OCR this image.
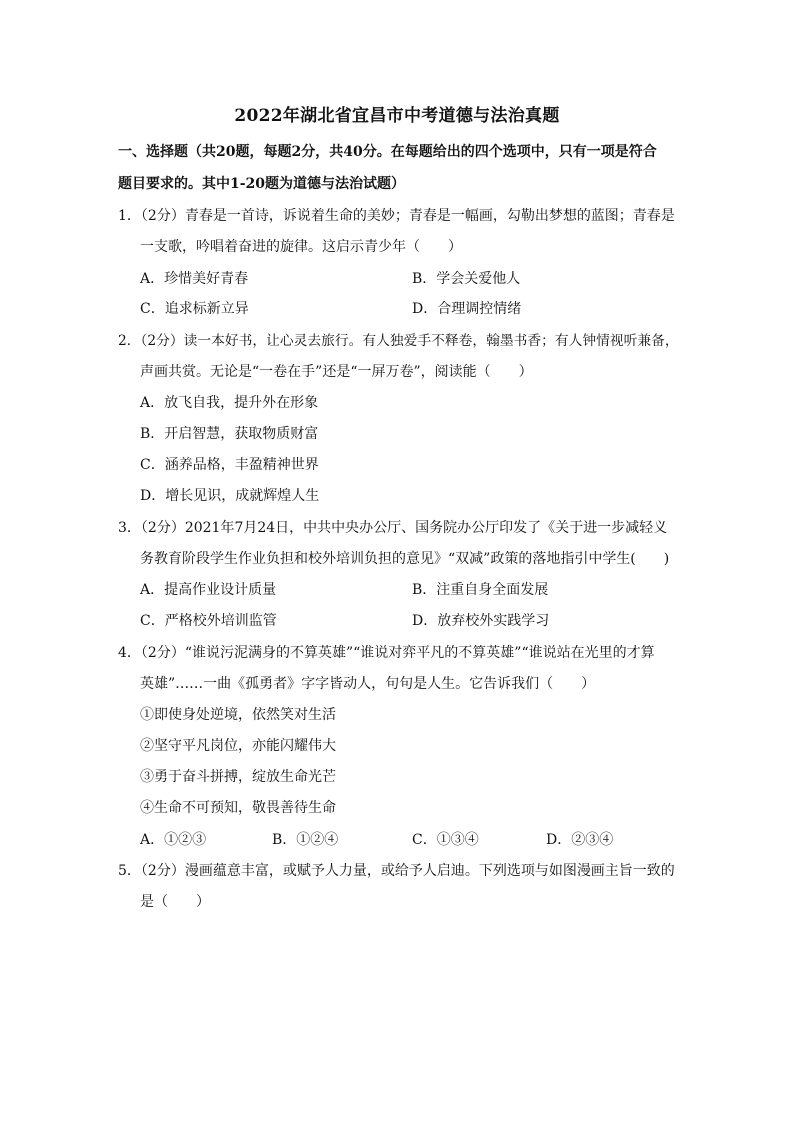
2022年湖北省宜昌市中考道德与法治真题
一、选择题（共20题，每题2分，共40分。在每题给出的四个选项中，只有一项是符合
题目要求的。其中1-20题为道德与法治试题）
1．（2分）青春是一首诗，诉说着生命的美妙；青春是一幅画，勾勒出梦想的蓝图；青春是
一支歌，吟唱着奋进的旋律。这启示青少年（　　）
A．珍惜美好青春	B．学会关爱他人
C．追求标新立异	D．合理调控情绪
2．（2分）读一本好书，让心灵去旅行。有人独爱手不释卷，翰墨书香；有人钟情视听兼备，
声画共赏。无论是“一卷在手”还是“一屏万卷”，阅读能（　　）
A．放飞自我，提升外在形象
B．开启智慧，获取物质财富
C．涵养品格，丰盈精神世界
D．增长见识，成就辉煌人生
3．（2分）2021年7月24日，中共中央办公厅、国务院办公厅印发了《关于进一步减轻义
务教育阶段学生作业负担和校外培训负担的意见》“双减”政策的落地指引中学生(　　)
A．提高作业设计质量	B．注重自身全面发展
C．严格校外培训监管	D．放弃校外实践学习
4．（2分）“谁说污泥满身的不算英雄”“谁说对弈平凡的不算英雄”“谁说站在光里的才算
英雄”……一曲《孤勇者》字字皆动人，句句是人生。它告诉我们（　　）
①即使身处逆境，依然笑对生活
②坚守平凡岗位，亦能闪耀伟大
③勇于奋斗拼搏，绽放生命光芒
④生命不可预知，敬畏善待生命
A．①②③	B．①②④	C．①③④	D．②③④
5．（2分）漫画蕴意丰富，或赋予人力量，或给予人启迪。下列选项与如图漫画主旨一致的
是（　　）
